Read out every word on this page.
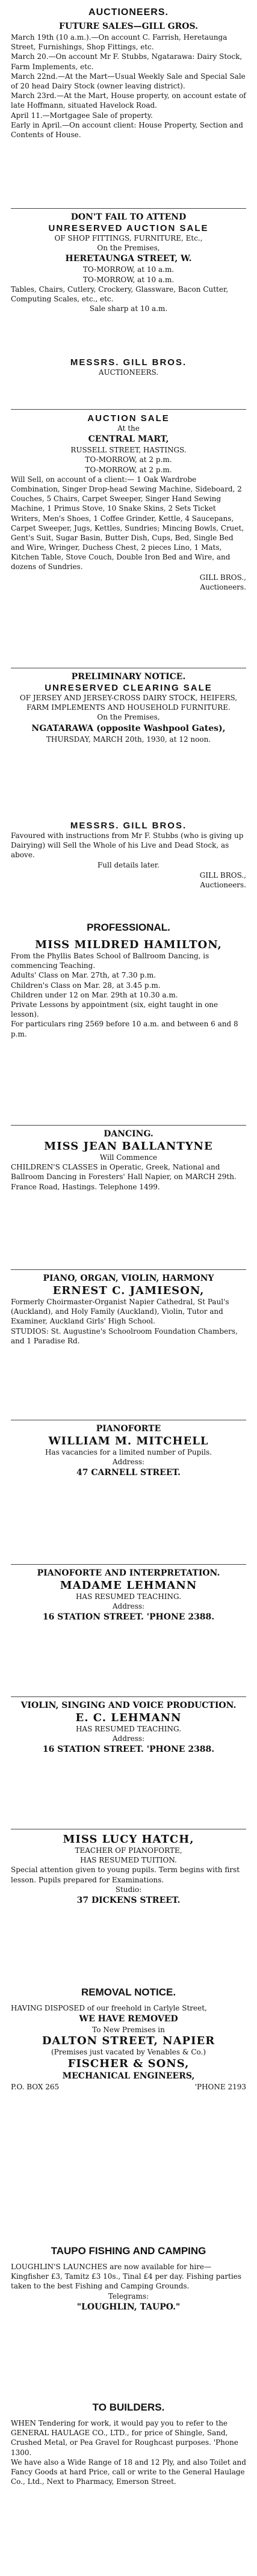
AUCTIONEERS.
FUTURE SALES—GILL GROS.
March 19th (10 a.m.).—On account C. Farrish, Heretaunga Street, Furnishings, Shop Fittings, etc.
March 20.—On account Mr F. Stubbs, Ngatarawa: Dairy Stock, Farm Implements, etc.
March 22nd.—At the Mart—Usual Weekly Sale and Special Sale of 20 head Dairy Stock (owner leaving district).
March 23rd.—At the Mart, House property, on account estate of late Hoffmann, situated Havelock Road.
April 11.—Mortgagee Sale of property.
Early in April.—On account client: House Property, Section and Contents of House.
DON'T FAIL TO ATTEND
UNRESERVED AUCTION SALE
OF SHOP FITTINGS, FURNITURE, Etc.,
On the Premises,
HERETAUNGA STREET, W.
TO-MORROW, at 10 a.m.
TO-MORROW, at 10 a.m.
Tables, Chairs, Cutlery, Crockery, Glassware, Bacon Cutter, Computing Scales, etc., etc.
Sale sharp at 10 a.m.
MESSRS. GILL BROS.
AUCTIONEERS.
AUCTION SALE
At the
CENTRAL MART,
RUSSELL STREET, HASTINGS.
TO-MORROW, at 2 p.m.
TO-MORROW, at 2 p.m.
Will Sell, on account of a client:— 1 Oak Wardrobe Combination, Singer Drop-head Sewing Machine, Sideboard, 2 Couches, 5 Chairs, Carpet Sweeper, Singer Hand Sewing Machine, 1 Primus Stove, 10 Snake Skins, 2 Sets Ticket Writers, Men's Shoes, 1 Coffee Grinder, Kettle, 4 Saucepans, Carpet Sweeper, Jugs, Kettles, Sundries; Mincing Bowls, Cruet, Gent's Suit, Sugar Basin, Butter Dish, Cups, Bed, Single Bed and Wire, Wringer, Duchess Chest, 2 pieces Lino, 1 Mats, Kitchen Table, Stove Couch, Double Iron Bed and Wire, and dozens of Sundries.
GILL BROS.,
Auctioneers.
PRELIMINARY NOTICE.
UNRESERVED CLEARING SALE
OF JERSEY AND JERSEY-CROSS DAIRY STOCK, HEIFERS, FARM IMPLEMENTS AND HOUSEHOLD FURNITURE.
On the Premises,
NGATARAWA (opposite Washpool Gates),
THURSDAY, MARCH 20th, 1930, at 12 noon.
MESSRS. GILL BROS.
Favoured with instructions from Mr F. Stubbs (who is giving up Dairying) will Sell the Whole of his Live and Dead Stock, as above.
Full details later.
GILL BROS.,
Auctioneers.
PROFESSIONAL.
MISS MILDRED HAMILTON,
From the Phyllis Bates School of Ballroom Dancing, is commencing Teaching.
Adults' Class on Mar. 27th, at 7.30 p.m.
Children's Class on Mar. 28, at 3.45 p.m.
Children under 12 on Mar. 29th at 10.30 a.m.
Private Lessons by appointment (six, eight taught in one lesson).
For particulars ring 2569 before 10 a.m. and between 6 and 8 p.m.
DANCING.
MISS JEAN BALLANTYNE
Will Commence
CHILDREN'S CLASSES in Operatic, Greek, National and Ballroom Dancing in Foresters' Hall Napier, on MARCH 29th.
France Road, Hastings. Telephone 1499.
PIANO, ORGAN, VIOLIN, HARMONY
ERNEST C. JAMIESON,
Formerly Choirmaster-Organist Napier Cathedral, St Paul's (Auckland), and Holy Family (Auckland), Violin, Tutor and Examiner, Auckland Girls' High School.
STUDIOS: St. Augustine's Schoolroom Foundation Chambers, and 1 Paradise Rd.
PIANOFORTE
WILLIAM M. MITCHELL
Has vacancies for a limited number of Pupils.
Address:
47 CARNELL STREET.
PIANOFORTE AND INTERPRETATION.
MADAME LEHMANN
HAS RESUMED TEACHING.
Address:
16 STATION STREET. 'PHONE 2388.
VIOLIN, SINGING AND VOICE PRODUCTION.
E. C. LEHMANN
HAS RESUMED TEACHING.
Address:
16 STATION STREET. 'PHONE 2388.
MISS LUCY HATCH,
TEACHER OF PIANOFORTE,
HAS RESUMED TUITION.
Special attention given to young pupils. Term begins with first lesson. Pupils prepared for Examinations.
Studio:
37 DICKENS STREET.
REMOVAL NOTICE.
HAVING DISPOSED of our freehold in Carlyle Street,
WE HAVE REMOVED
To New Premises in
DALTON STREET, NAPIER
(Premises just vacated by Venables & Co.)
FISCHER & SONS,
MECHANICAL ENGINEERS,
P.O. BOX 265	'PHONE 2193
TAUPO FISHING AND CAMPING
LOUGHLIN'S LAUNCHES are now available for hire—Kingfisher £3, Tamitz £3 10s., Tinal £4 per day. Fishing parties taken to the best Fishing and Camping Grounds.
Telegrams:
"LOUGHLIN, TAUPO."
TO BUILDERS.
WHEN Tendering for work, it would pay you to refer to the GENERAL HAULAGE CO., LTD., for price of Shingle, Sand, Crushed Metal, or Pea Gravel for Roughcast purposes. 'Phone 1300.
We have also a Wide Range of 18 and 12 Ply, and also Toilet and Fancy Goods at hard Price, call or write to the General Haulage Co., Ltd., Next to Pharmacy, Emerson Street.
